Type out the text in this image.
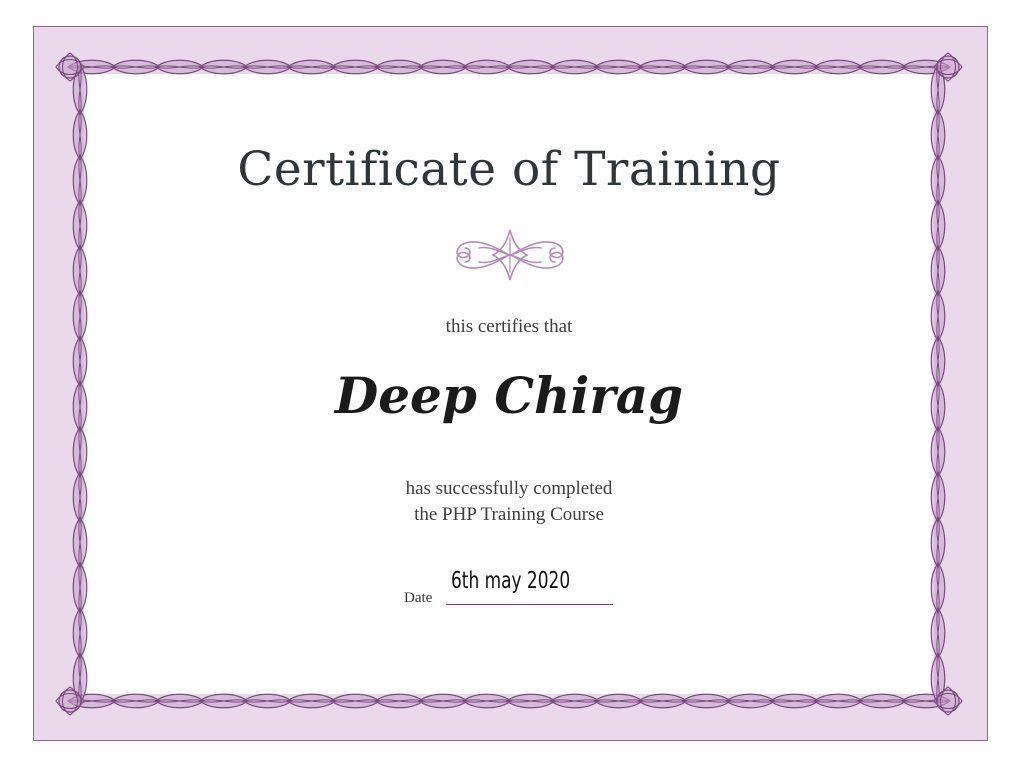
Certificate of Training
this certifies that
Deep Chirag
has successfully completed
the PHP Training Course
Date
6th may 2020
